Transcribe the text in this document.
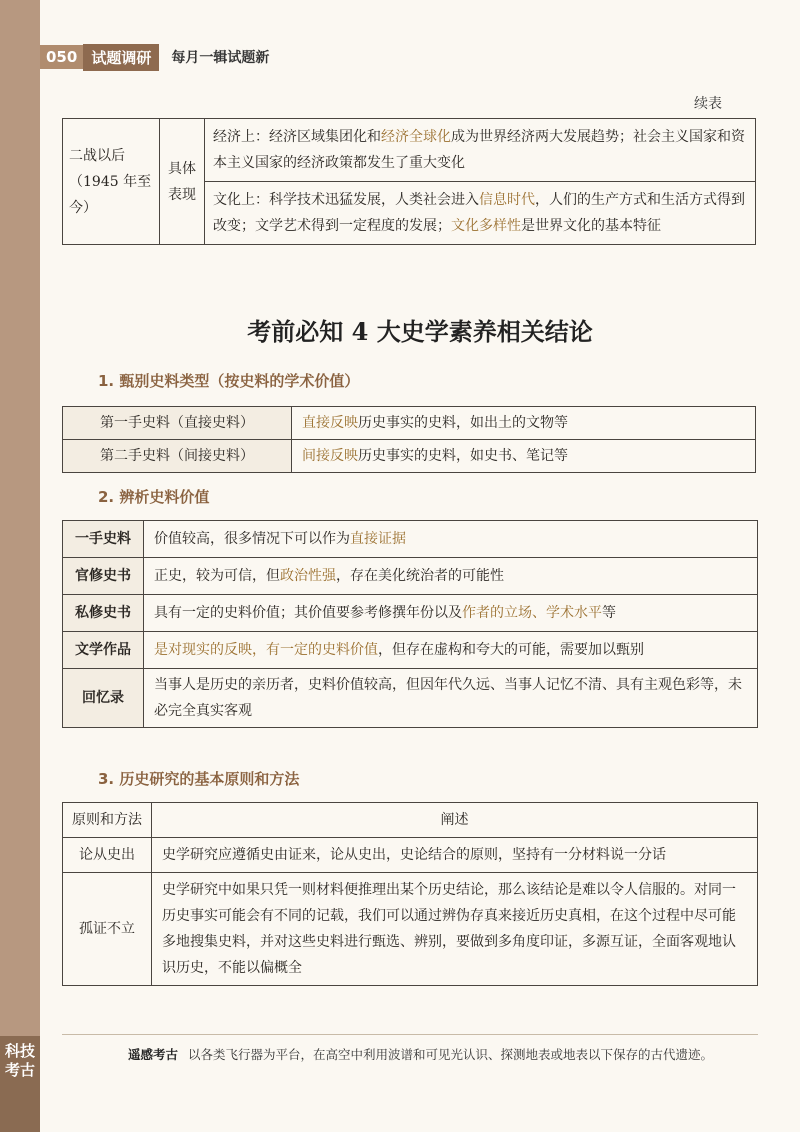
科技考古
050 试题调研	每月一辑试题新
续表
二战以后
（1945 年至今）	具体表现	经济上：经济区域集团化和经济全球化成为世界经济两大发展趋势；社会主义国家和资本主义国家的经济政策都发生了重大变化
文化上：科学技术迅猛发展，人类社会进入信息时代，人们的生产方式和生活方式得到改变；文学艺术得到一定程度的发展；文化多样性是世界文化的基本特征
考前必知 4 大史学素养相关结论
1. 甄别史料类型（按史料的学术价值）
第一手史料（直接史料）	直接反映历史事实的史料，如出土的文物等
第二手史料（间接史料）	间接反映历史事实的史料，如史书、笔记等
2. 辨析史料价值
一手史料	价值较高，很多情况下可以作为直接证据
官修史书	正史，较为可信，但政治性强，存在美化统治者的可能性
私修史书	具有一定的史料价值；其价值要参考修撰年份以及作者的立场、学术水平等
文学作品	是对现实的反映，有一定的史料价值，但存在虚构和夸大的可能，需要加以甄别
回忆录	当事人是历史的亲历者，史料价值较高，但因年代久远、当事人记忆不清、具有主观色彩等，未必完全真实客观
3. 历史研究的基本原则和方法
原则和方法	阐述
论从史出	史学研究应遵循史由证来，论从史出，史论结合的原则，坚持有一分材料说一分话
孤证不立	史学研究中如果只凭一则材料便推理出某个历史结论，那么该结论是难以令人信服的。对同一历史事实可能会有不同的记载，我们可以通过辨伪存真来接近历史真相，在这个过程中尽可能多地搜集史料，并对这些史料进行甄选、辨别，要做到多角度印证，多源互证，全面客观地认识历史，不能以偏概全
遥感考古 以各类飞行器为平台，在高空中利用波谱和可见光认识、探测地表或地表以下保存的古代遗迹。
